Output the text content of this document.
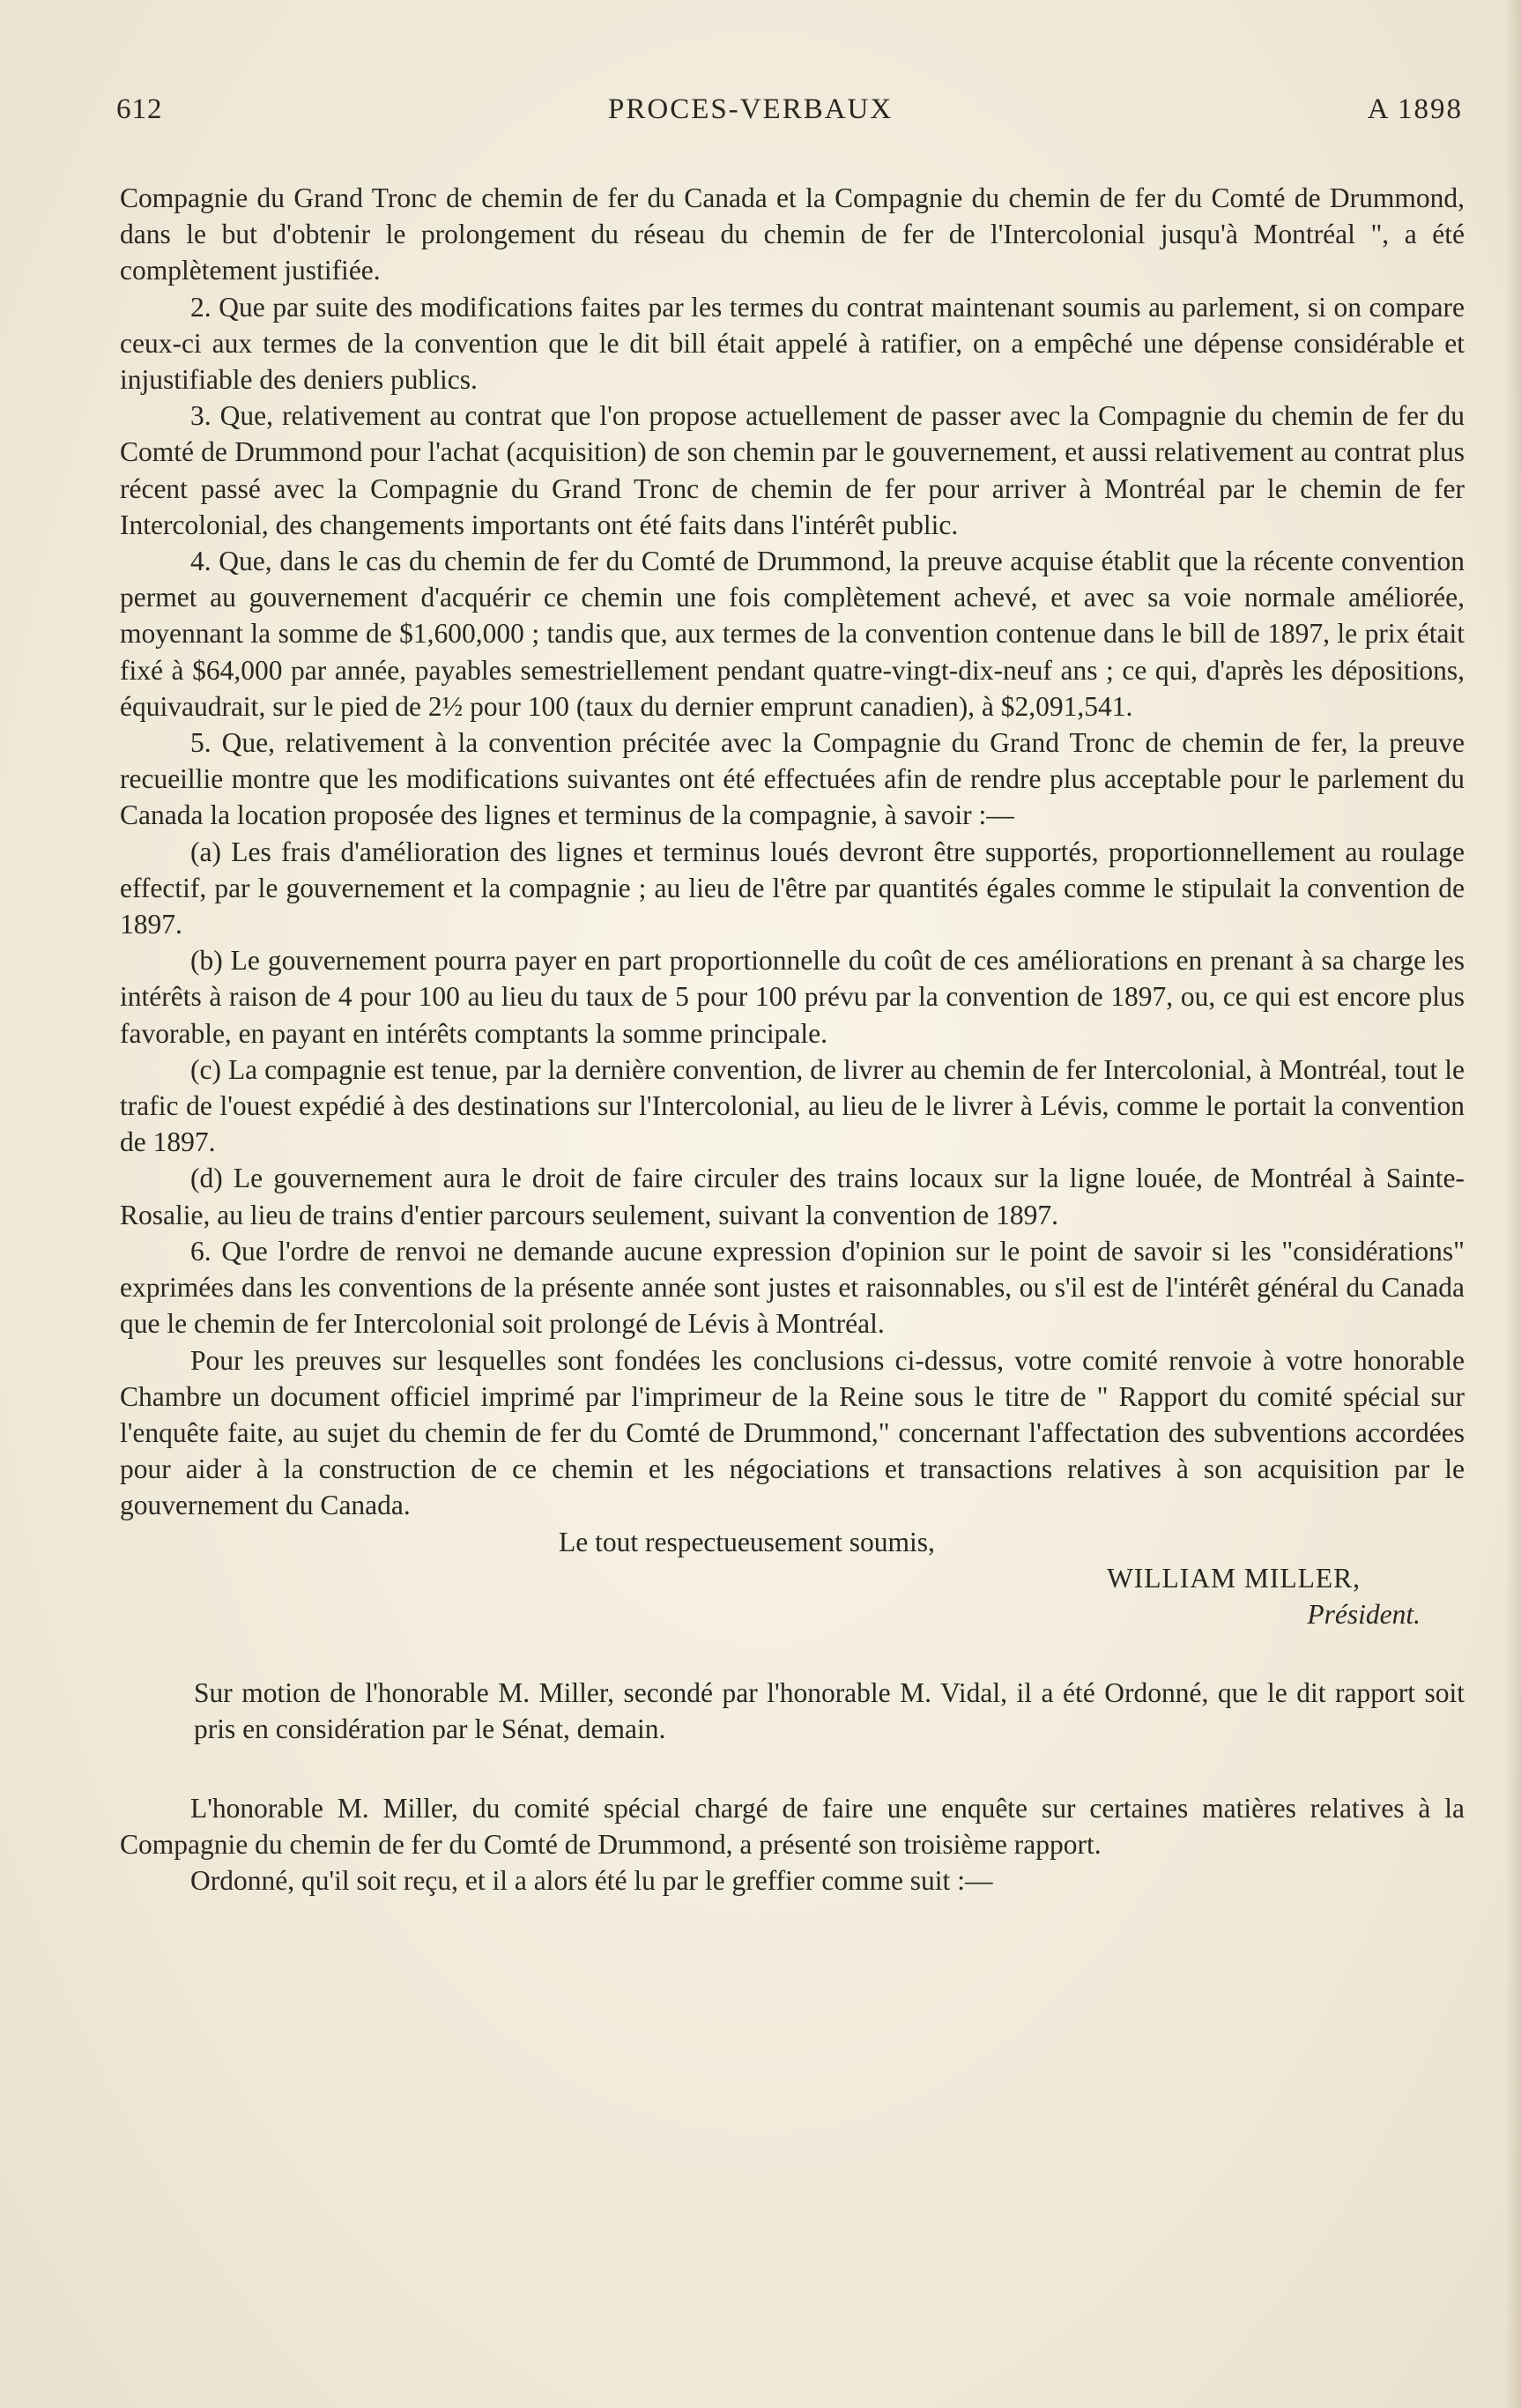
612	PROCES-VERBAUX	A 1898

Compagnie du Grand Tronc de chemin de fer du Canada et la Compagnie du chemin de fer du Comté de Drummond, dans le but d'obtenir le prolongement du réseau du chemin de fer de l'Intercolonial jusqu'à Montréal ", a été complètement justifiée.

2. Que par suite des modifications faites par les termes du contrat maintenant soumis au parlement, si on compare ceux-ci aux termes de la convention que le dit bill était appelé à ratifier, on a empêché une dépense considérable et injustifiable des deniers publics.

3. Que, relativement au contrat que l'on propose actuellement de passer avec la Compagnie du chemin de fer du Comté de Drummond pour l'achat (acquisition) de son chemin par le gouvernement, et aussi relativement au contrat plus récent passé avec la Compagnie du Grand Tronc de chemin de fer pour arriver à Montréal par le chemin de fer Intercolonial, des changements importants ont été faits dans l'intérêt public.

4. Que, dans le cas du chemin de fer du Comté de Drummond, la preuve acquise établit que la récente convention permet au gouvernement d'acquérir ce chemin une fois complètement achevé, et avec sa voie normale améliorée, moyennant la somme de $1,600,000 ; tandis que, aux termes de la convention contenue dans le bill de 1897, le prix était fixé à $64,000 par année, payables semestriellement pendant quatre-vingt-dix-neuf ans ; ce qui, d'après les dépositions, équivaudrait, sur le pied de 2½ pour 100 (taux du dernier emprunt canadien), à $2,091,541.

5. Que, relativement à la convention précitée avec la Compagnie du Grand Tronc de chemin de fer, la preuve recueillie montre que les modifications suivantes ont été effectuées afin de rendre plus acceptable pour le parlement du Canada la location proposée des lignes et terminus de la compagnie, à savoir :—

(a) Les frais d'amélioration des lignes et terminus loués devront être supportés, proportionnellement au roulage effectif, par le gouvernement et la compagnie ; au lieu de l'être par quantités égales comme le stipulait la convention de 1897.

(b) Le gouvernement pourra payer en part proportionnelle du coût de ces améliorations en prenant à sa charge les intérêts à raison de 4 pour 100 au lieu du taux de 5 pour 100 prévu par la convention de 1897, ou, ce qui est encore plus favorable, en payant en intérêts comptants la somme principale.

(c) La compagnie est tenue, par la dernière convention, de livrer au chemin de fer Intercolonial, à Montréal, tout le trafic de l'ouest expédié à des destinations sur l'Intercolonial, au lieu de le livrer à Lévis, comme le portait la convention de 1897.

(d) Le gouvernement aura le droit de faire circuler des trains locaux sur la ligne louée, de Montréal à Sainte-Rosalie, au lieu de trains d'entier parcours seulement, suivant la convention de 1897.

6. Que l'ordre de renvoi ne demande aucune expression d'opinion sur le point de savoir si les "considérations" exprimées dans les conventions de la présente année sont justes et raisonnables, ou s'il est de l'intérêt général du Canada que le chemin de fer Intercolonial soit prolongé de Lévis à Montréal.

Pour les preuves sur lesquelles sont fondées les conclusions ci-dessus, votre comité renvoie à votre honorable Chambre un document officiel imprimé par l'imprimeur de la Reine sous le titre de " Rapport du comité spécial sur l'enquête faite, au sujet du chemin de fer du Comté de Drummond," concernant l'affectation des subventions accordées pour aider à la construction de ce chemin et les négociations et transactions relatives à son acquisition par le gouvernement du Canada.

Le tout respectueusement soumis,

WILLIAM MILLER,

Président.

Sur motion de l'honorable M. Miller, secondé par l'honorable M. Vidal, il a été Ordonné, que le dit rapport soit pris en considération par le Sénat, demain.

L'honorable M. Miller, du comité spécial chargé de faire une enquête sur certaines matières relatives à la Compagnie du chemin de fer du Comté de Drummond, a présenté son troisième rapport.

Ordonné, qu'il soit reçu, et il a alors été lu par le greffier comme suit :—
